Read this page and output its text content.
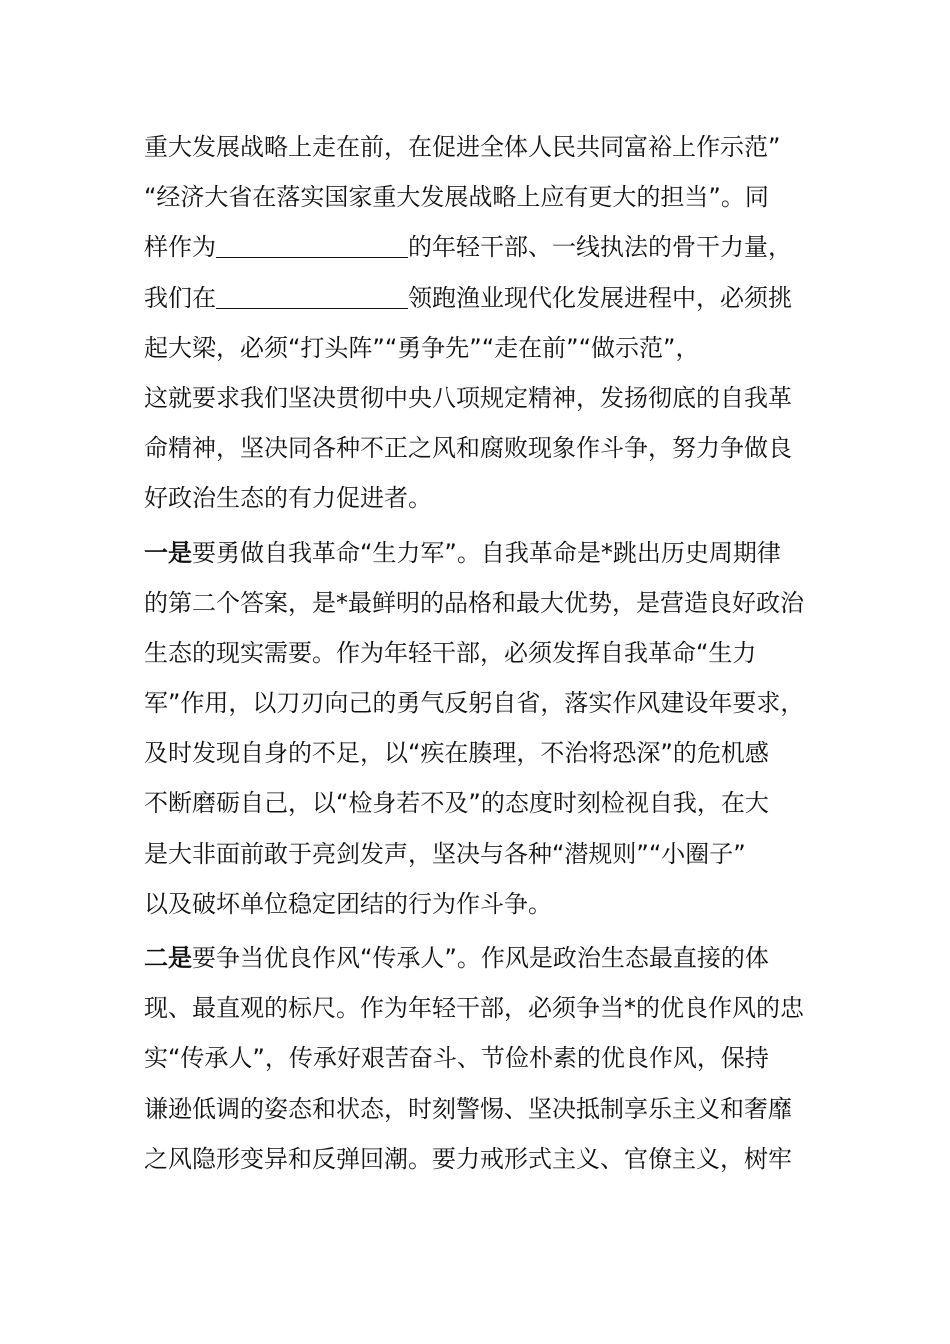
重大发展战略上走在前，在促进全体人民共同富裕上作示范”
“经济大省在落实国家重大发展战略上应有更大的担当”。同
样作为＿＿＿＿＿＿＿＿的年轻干部、一线执法的骨干力量，
我们在＿＿＿＿＿＿＿＿领跑渔业现代化发展进程中，必须挑
起大梁，必须“打头阵”“勇争先”“走在前”“做示范”，
这就要求我们坚决贯彻中央八项规定精神，发扬彻底的自我革
命精神，坚决同各种不正之风和腐败现象作斗争，努力争做良
好政治生态的有力促进者。
一是要勇做自我革命“生力军”。自我革命是*跳出历史周期律
的第二个答案，是*最鲜明的品格和最大优势，是营造良好政治
生态的现实需要。作为年轻干部，必须发挥自我革命“生力
军”作用，以刀刃向己的勇气反躬自省，落实作风建设年要求，
及时发现自身的不足，以“疾在腠理，不治将恐深”的危机感
不断磨砺自己，以“检身若不及”的态度时刻检视自我，在大
是大非面前敢于亮剑发声，坚决与各种“潜规则”“小圈子”
以及破坏单位稳定团结的行为作斗争。
二是要争当优良作风“传承人”。作风是政治生态最直接的体
现、最直观的标尺。作为年轻干部，必须争当*的优良作风的忠
实“传承人”，传承好艰苦奋斗、节俭朴素的优良作风，保持
谦逊低调的姿态和状态，时刻警惕、坚决抵制享乐主义和奢靡
之风隐形变异和反弹回潮。要力戒形式主义、官僚主义，树牢
